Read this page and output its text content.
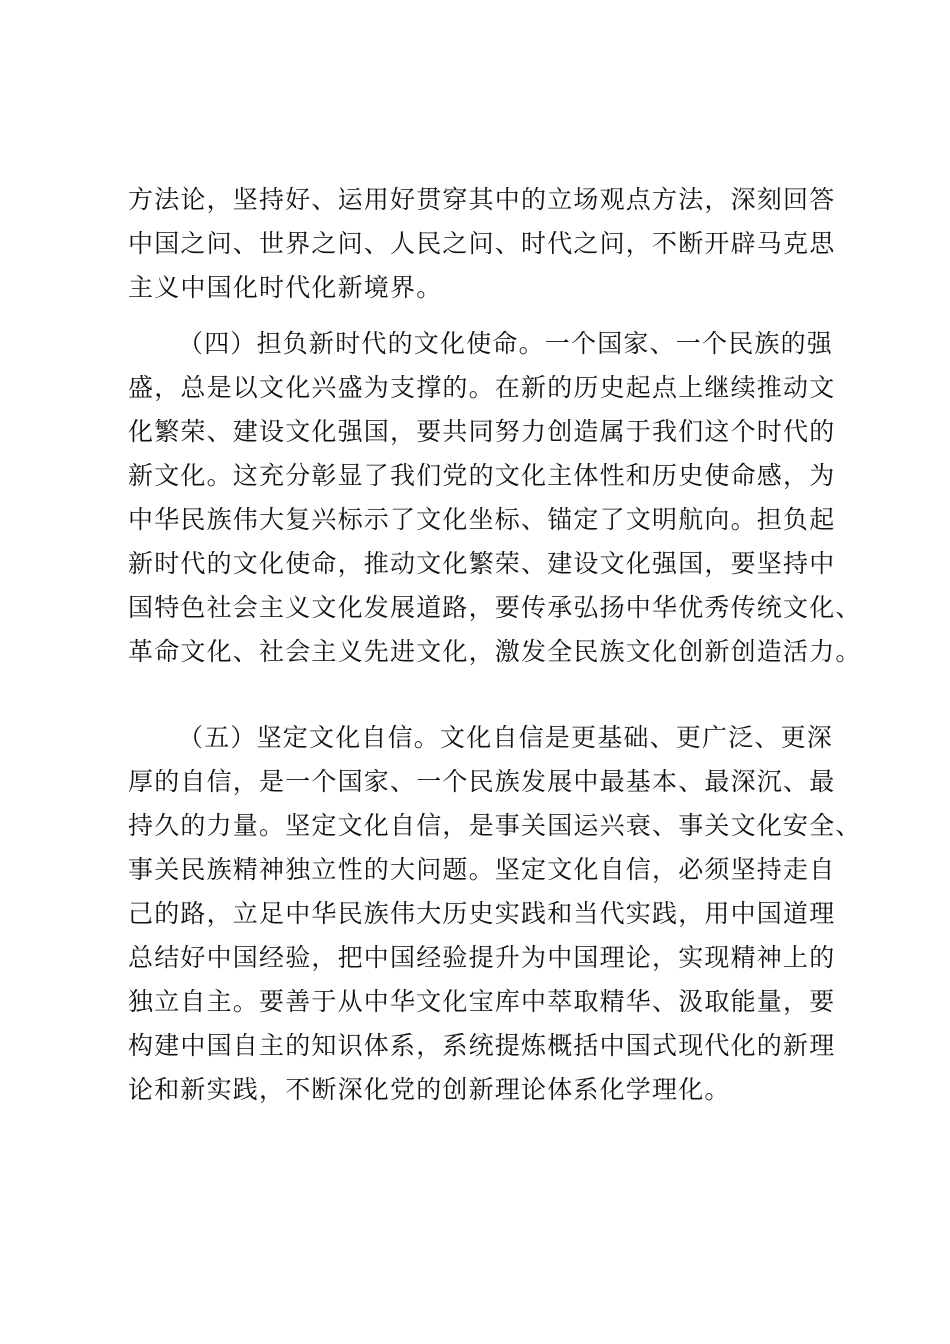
方法论，坚持好、运用好贯穿其中的立场观点方法，深刻回答
中国之问、世界之问、人民之问、时代之问，不断开辟马克思
主义中国化时代化新境界。
（四）担负新时代的文化使命。一个国家、一个民族的强
盛，总是以文化兴盛为支撑的。在新的历史起点上继续推动文
化繁荣、建设文化强国，要共同努力创造属于我们这个时代的
新文化。这充分彰显了我们党的文化主体性和历史使命感，为
中华民族伟大复兴标示了文化坐标、锚定了文明航向。担负起
新时代的文化使命，推动文化繁荣、建设文化强国，要坚持中
国特色社会主义文化发展道路，要传承弘扬中华优秀传统文化、
革命文化、社会主义先进文化，激发全民族文化创新创造活力。
（五）坚定文化自信。文化自信是更基础、更广泛、更深
厚的自信，是一个国家、一个民族发展中最基本、最深沉、最
持久的力量。坚定文化自信，是事关国运兴衰、事关文化安全、
事关民族精神独立性的大问题。坚定文化自信，必须坚持走自
己的路，立足中华民族伟大历史实践和当代实践，用中国道理
总结好中国经验，把中国经验提升为中国理论，实现精神上的
独立自主。要善于从中华文化宝库中萃取精华、汲取能量，要
构建中国自主的知识体系，系统提炼概括中国式现代化的新理
论和新实践，不断深化党的创新理论体系化学理化。
